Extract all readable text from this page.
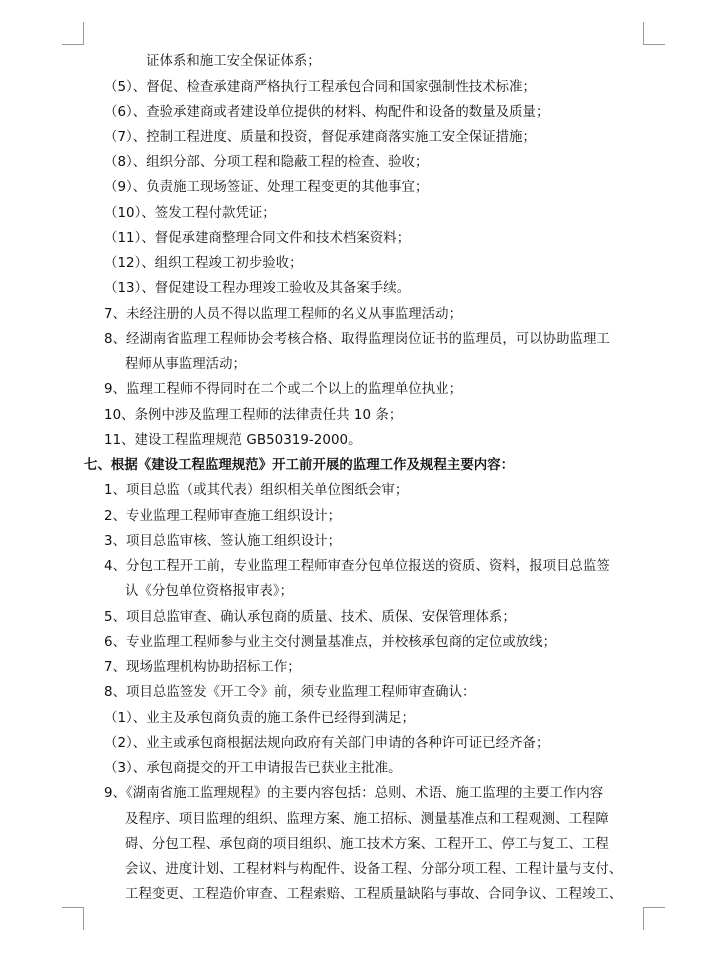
证体系和施工安全保证体系；
（5）、督促、检查承建商严格执行工程承包合同和国家强制性技术标准；
（6）、查验承建商或者建设单位提供的材料、构配件和设备的数量及质量；
（7）、控制工程进度、质量和投资，督促承建商落实施工安全保证措施；
（8）、组织分部、分项工程和隐蔽工程的检查、验收；
（9）、负责施工现场签证、处理工程变更的其他事宜；
（10）、签发工程付款凭证；
（11）、督促承建商整理合同文件和技术档案资料；
（12）、组织工程竣工初步验收；
（13）、督促建设工程办理竣工验收及其备案手续。
7、未经注册的人员不得以监理工程师的名义从事监理活动；
8、经湖南省监理工程师协会考核合格、取得监理岗位证书的监理员，可以协助监理工
程师从事监理活动；
9、监理工程师不得同时在二个或二个以上的监理单位执业；
10、条例中涉及监理工程师的法律责任共 10 条；
11、建设工程监理规范 GB50319-2000。
七、根据《建设工程监理规范》开工前开展的监理工作及规程主要内容：
1、项目总监（或其代表）组织相关单位图纸会审；
2、专业监理工程师审查施工组织设计；
3、项目总监审核、签认施工组织设计；
4、分包工程开工前，专业监理工程师审查分包单位报送的资质、资料，报项目总监签
认《分包单位资格报审表》；
5、项目总监审查、确认承包商的质量、技术、质保、安保管理体系；
6、专业监理工程师参与业主交付测量基准点，并校核承包商的定位或放线；
7、现场监理机构协助招标工作；
8、项目总监签发《开工令》前，须专业监理工程师审查确认：
（1）、业主及承包商负责的施工条件已经得到满足；
（2）、业主或承包商根据法规向政府有关部门申请的各种许可证已经齐备；
（3）、承包商提交的开工申请报告已获业主批准。
9、《湖南省施工监理规程》的主要内容包括：总则、术语、施工监理的主要工作内容
及程序、项目监理的组织、监理方案、施工招标、测量基准点和工程观测、工程障
碍、分包工程、承包商的项目组织、施工技术方案、工程开工、停工与复工、工程
会议、进度计划、工程材料与构配件、设备工程、分部分项工程、工程计量与支付、
工程变更、工程造价审查、工程索赔、工程质量缺陷与事故、合同争议、工程竣工、
